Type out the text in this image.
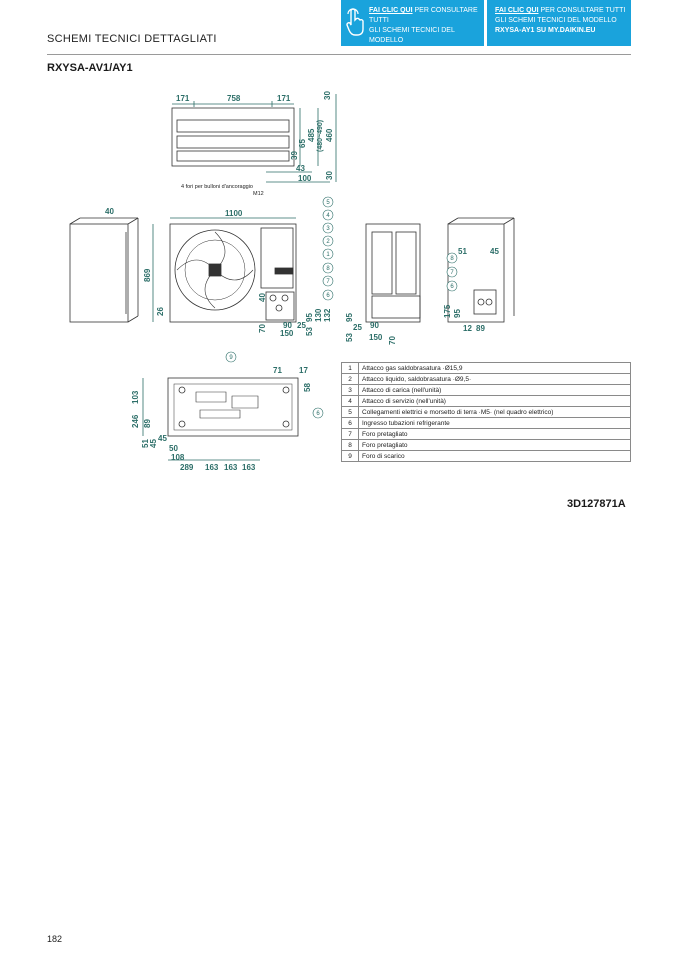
SCHEMI TECNICI DETTAGLIATI
FAI CLIC QUI PER CONSULTARE TUTTI
GLI SCHEMI TECNICI DEL MODELLO
RXYSA-AV1 SU MY.DAIKIN.EU
FAI CLIC QUI PER CONSULTARE TUTTI
GLI SCHEMI TECNICI DEL MODELLO
RXYSA-AY1 SU MY.DAIKIN.EU
RXYSA-AV1/AY1
171	758	171	30
485 (480~490) 460
65
39
43
100 30
4 fori per bulloni d'ancoraggio
M12
40	1100
869
26
40
70 90 25
150
95 130 132
53
95
25 90
150 70
53
51	45
175 95
12 89
71 17
58
103
246 89
45
51 45
50
108
289 163 163 163
5
4
3
2
1
8
7
6
8
7
6
9
6
1	Attacco gas saldobrasatura ·Ø15,9
2	Attacco liquido, saldobrasatura ·Ø9,5·
3	Attacco di carica (nell'unità)
4	Attacco di servizio (nell'unità)
5	Collegamenti elettrici e morsetto di terra ·M5· (nel quadro elettrico)
6	Ingresso tubazioni refrigerante
7	Foro pretagliato
8	Foro pretagliato
9	Foro di scarico
3D127871A
182
